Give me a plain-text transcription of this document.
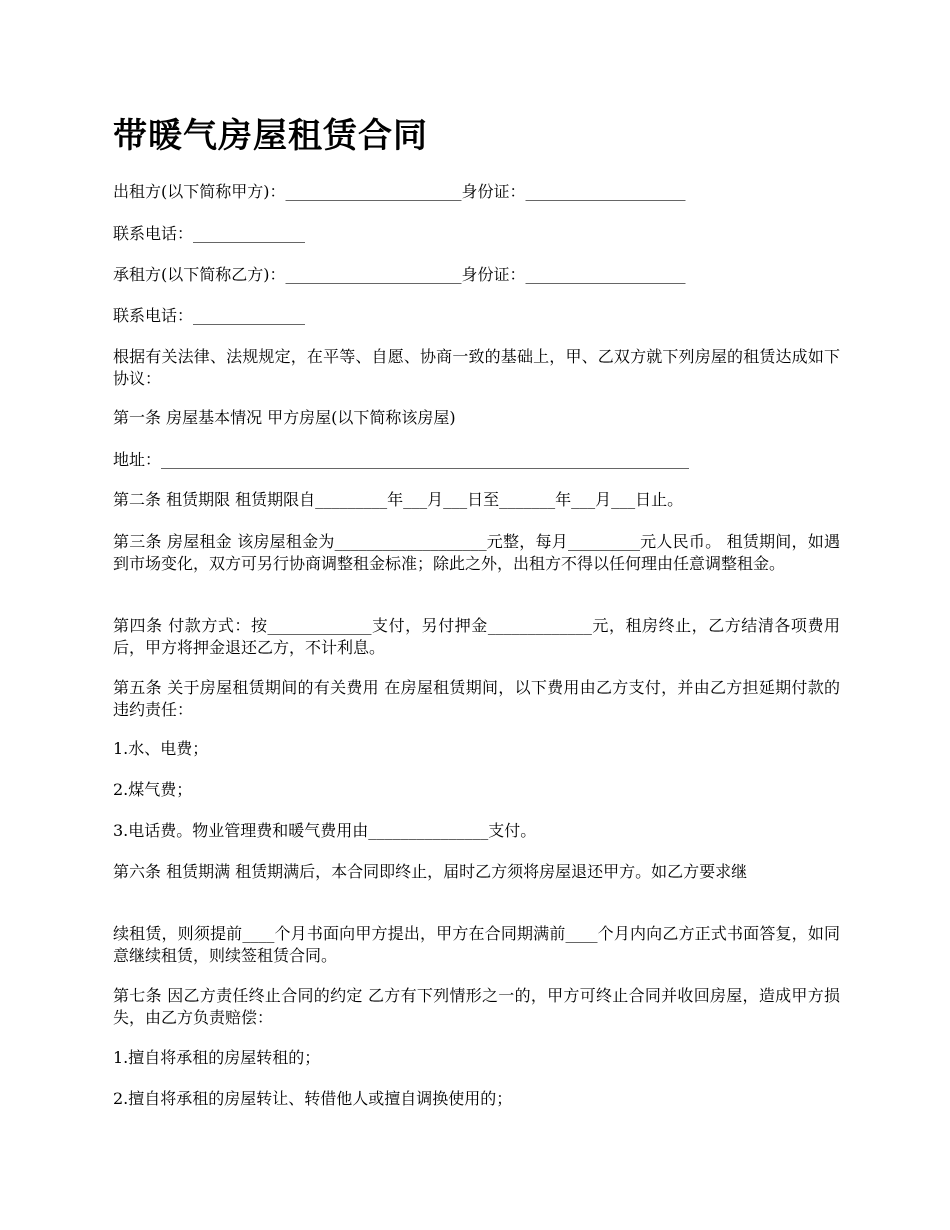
带暖气房屋租赁合同

出租方(以下简称甲方)：______________________身份证：____________________

联系电话：______________

承租方(以下简称乙方)：______________________身份证：____________________

联系电话：______________

根据有关法律、法规规定，在平等、自愿、协商一致的基础上，甲、乙双方就下列房屋的租赁达成如下协议：

第一条 房屋基本情况 甲方房屋(以下简称该房屋)

地址：__________________________________________________________________

第二条 租赁期限 租赁期限自_________年___月___日至_______年___月___日止。

第三条 房屋租金 该房屋租金为___________________元整，每月_________元人民币。 租赁期间，如遇到市场变化，双方可另行协商调整租金标准；除此之外，出租方不得以任何理由任意调整租金。

第四条 付款方式：按_____________支付，另付押金_____________元，租房终止，乙方结清各项费用后，甲方将押金退还乙方，不计利息。

第五条 关于房屋租赁期间的有关费用 在房屋租赁期间，以下费用由乙方支付，并由乙方担延期付款的违约责任：

1.水、电费；

2.煤气费；

3.电话费。物业管理费和暖气费用由_______________支付。

第六条 租赁期满 租赁期满后，本合同即终止，届时乙方须将房屋退还甲方。如乙方要求继

续租赁，则须提前____个月书面向甲方提出，甲方在合同期满前____个月内向乙方正式书面答复，如同意继续租赁，则续签租赁合同。

第七条 因乙方责任终止合同的约定 乙方有下列情形之一的，甲方可终止合同并收回房屋，造成甲方损失，由乙方负责赔偿：

1.擅自将承租的房屋转租的；

2.擅自将承租的房屋转让、转借他人或擅自调换使用的；
